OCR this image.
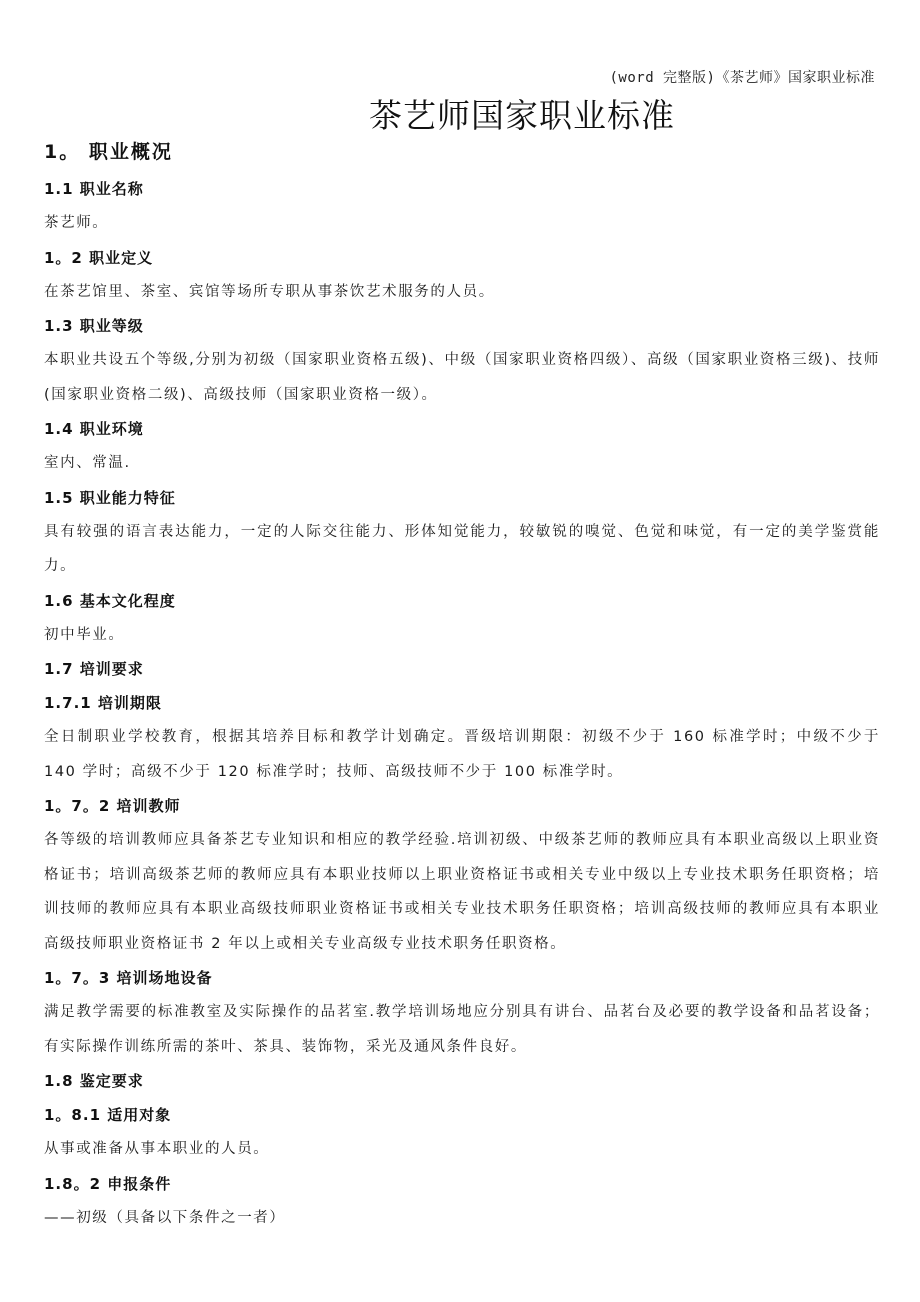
(word 完整版)《茶艺师》国家职业标准
茶艺师国家职业标准
1。 职业概况
1.1 职业名称
茶艺师。
1。2 职业定义
在茶艺馆里、茶室、宾馆等场所专职从事茶饮艺术服务的人员。
1.3 职业等级
本职业共设五个等级,分别为初级（国家职业资格五级)、中级（国家职业资格四级）、高级（国家职业资格三级)、技师(国家职业资格二级)、高级技师（国家职业资格一级）。
1.4 职业环境
室内、常温.
1.5 职业能力特征
具有较强的语言表达能力，一定的人际交往能力、形体知觉能力，较敏锐的嗅觉、色觉和味觉，有一定的美学鉴赏能力。
1.6 基本文化程度
初中毕业。
1.7 培训要求
1.7.1 培训期限
全日制职业学校教育，根据其培养目标和教学计划确定。晋级培训期限：初级不少于 160 标准学时；中级不少于 140 学时；高级不少于 120 标准学时；技师、高级技师不少于 100 标准学时。
1。7。2 培训教师
各等级的培训教师应具备茶艺专业知识和相应的教学经验.培训初级、中级茶艺师的教师应具有本职业高级以上职业资格证书；培训高级茶艺师的教师应具有本职业技师以上职业资格证书或相关专业中级以上专业技术职务任职资格；培训技师的教师应具有本职业高级技师职业资格证书或相关专业技术职务任职资格；培训高级技师的教师应具有本职业高级技师职业资格证书 2 年以上或相关专业高级专业技术职务任职资格。
1。7。3 培训场地设备
满足教学需要的标准教室及实际操作的品茗室.教学培训场地应分别具有讲台、品茗台及必要的教学设备和品茗设备；有实际操作训练所需的茶叶、茶具、装饰物，采光及通风条件良好。
1.8 鉴定要求
1。8.1 适用对象
从事或准备从事本职业的人员。
1.8。2 申报条件
——初级（具备以下条件之一者）
